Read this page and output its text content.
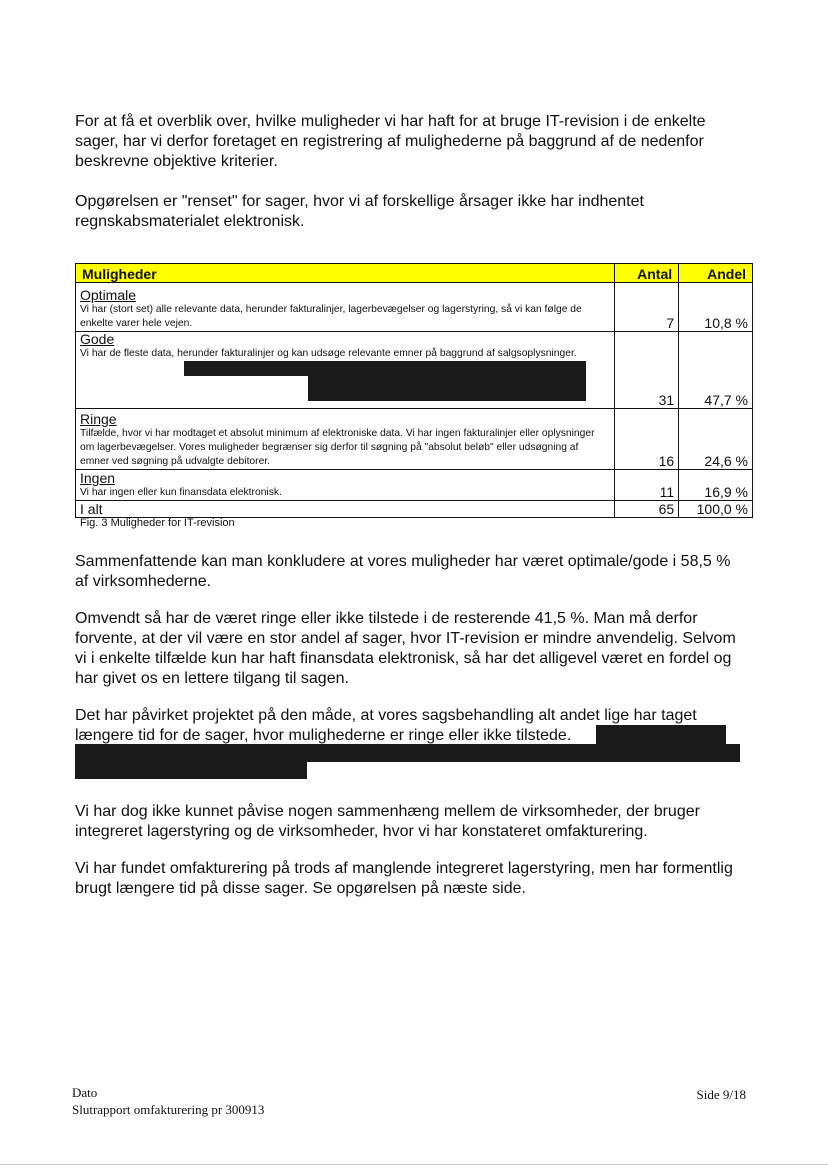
For at få et overblik over, hvilke muligheder vi har haft for at bruge IT-revision i de enkelte sager, har vi derfor foretaget en registrering af mulighederne på baggrund af de nedenfor beskrevne objektive kriterier.
Opgørelsen er "renset" for sager, hvor vi af forskellige årsager ikke har indhentet regnskabsmaterialet elektronisk.
Muligheder	Antal	Andel

Optimale
Vi har (stort set) alle relevante data, herunder fakturalinjer, lagerbevægelser og lagerstyring, så vi kan følge de enkelte varer hele vejen.	7	10,8 %

Gode
Vi har de fleste data, herunder fakturalinjer og kan udsøge relevante emner på baggrund af salgsoplysninger.	31	47,7 %

Ringe
Tilfælde, hvor vi har modtaget et absolut minimum af elektroniske data. Vi har ingen fakturalinjer eller oplysninger om lagerbevægelser. Vores muligheder begrænser sig derfor til søgning på "absolut beløb" eller udsøgning af emner ved søgning på udvalgte debitorer.	16	24,6 %

Ingen
Vi har ingen eller kun finansdata elektronisk.	11	16,9 %

I alt	65	100,0 %
Fig. 3 Muligheder for IT-revision
Sammenfattende kan man konkludere at vores muligheder har været optimale/gode i 58,5 % af virksomhederne.
Omvendt så har de været ringe eller ikke tilstede i de resterende 41,5 %. Man må derfor forvente, at der vil være en stor andel af sager, hvor IT-revision er mindre anvendelig. Selvom vi i enkelte tilfælde kun har haft finansdata elektronisk, så har det alligevel været en fordel og har givet os en lettere tilgang til sagen.
Det har påvirket projektet på den måde, at vores sagsbehandling alt andet lige har taget længere tid for de sager, hvor mulighederne er ringe eller ikke tilstede.
Vi har dog ikke kunnet påvise nogen sammenhæng mellem de virksomheder, der bruger integreret lagerstyring og de virksomheder, hvor vi har konstateret omfakturering.
Vi har fundet omfakturering på trods af manglende integreret lagerstyring, men har formentlig brugt længere tid på disse sager. Se opgørelsen på næste side.
Dato
Slutrapport omfakturering pr 300913
Side 9/18
